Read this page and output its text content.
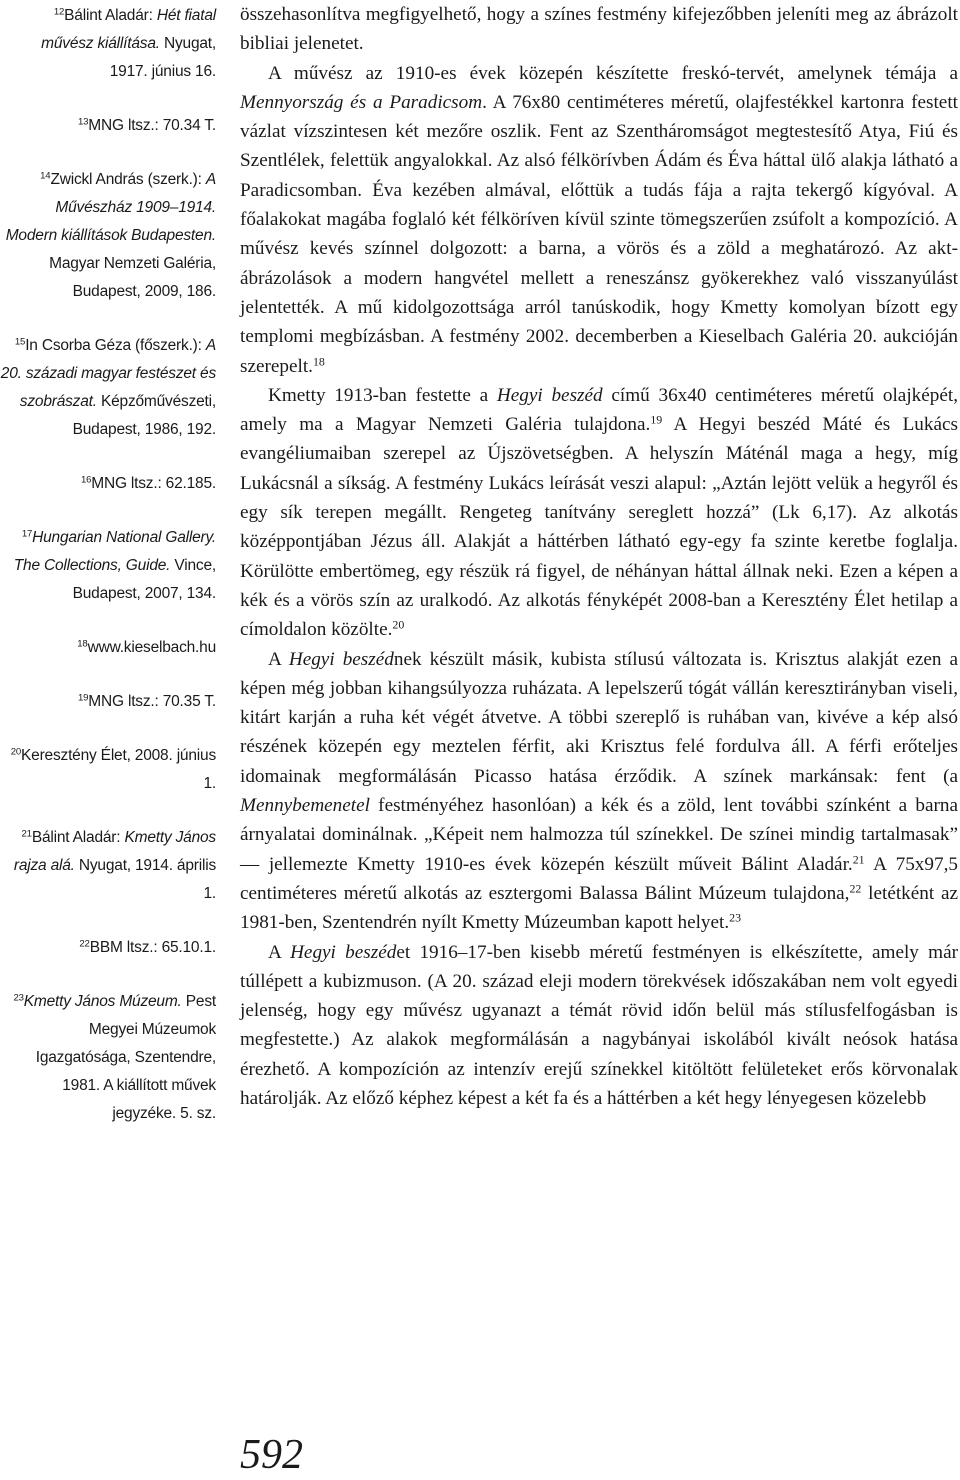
$^{12}$Bálint Aladár: Hét fiatal művész kiállítása. Nyugat, 1917. június 16.
$^{13}$MNG ltsz.: 70.34 T.
$^{14}$Zwickl András (szerk.): A Művészház 1909–1914. Modern kiállítások Budapesten. Magyar Nemzeti Galéria, Budapest, 2009, 186.
$^{15}$In Csorba Géza (főszerk.): A 20. századi magyar festészet és szobrászat. Képzőművészeti, Budapest, 1986, 192.
$^{16}$MNG ltsz.: 62.185.
$^{17}$Hungarian National Gallery. The Collections, Guide. Vince, Budapest, 2007, 134.
$^{18}$www.kieselbach.hu
$^{19}$MNG ltsz.: 70.35 T.
$^{20}$Keresztény Élet, 2008. június 1.
$^{21}$Bálint Aladár: Kmetty János rajza alá. Nyugat, 1914. április 1.
$^{22}$BBM ltsz.: 65.10.1.
$^{23}$Kmetty János Múzeum. Pest Megyei Múzeumok Igazgatósága, Szentendre, 1981. A kiállított művek jegyzéke. 5. sz.

összehasonlítva megfigyelhető, hogy a színes festmény kifejezőbben jeleníti meg az ábrázolt bibliai jelenetet.

A művész az 1910-es évek közepén készítette freskó-tervét, amelynek témája a Mennyország és a Paradicsom. A 76x80 centiméteres méretű, olajfestékkel kartonra festett vázlat vízszintesen két mezőre oszlik. Fent az Szentháromságot megtestesítő Atya, Fiú és Szentlélek, felettük angyalokkal. Az alsó félkörívben Ádám és Éva háttal ülő alakja látható a Paradicsomban. Éva kezében almával, előttük a tudás fája a rajta tekergő kígyóval. A főalakokat magába foglaló két félköríven kívül szinte tömegszerűen zsúfolt a kompozíció. A művész kevés színnel dolgozott: a barna, a vörös és a zöld a meghatározó. Az akt-ábrázolások a modern hangvétel mellett a reneszánsz gyökerekhez való visszanyúlást jelentették. A mű kidolgozottsága arról tanúskodik, hogy Kmetty komolyan bízott egy templomi megbízásban. A festmény 2002. decemberben a Kieselbach Galéria 20. aukcióján szerepelt.$^{18}$

Kmetty 1913-ban festette a Hegyi beszéd című 36x40 centiméteres méretű olajképét, amely ma a Magyar Nemzeti Galéria tulajdona.$^{19}$ A Hegyi beszéd Máté és Lukács evangéliumaiban szerepel az Újszövetségben. A helyszín Máténál maga a hegy, míg Lukácsnál a síkság. A festmény Lukács leírását veszi alapul: „Aztán lejött velük a hegyről és egy sík terepen megállt. Rengeteg tanítvány sereglett hozzá” (Lk 6,17). Az alkotás középpontjában Jézus áll. Alakját a háttérben látható egy-egy fa szinte keretbe foglalja. Körülötte embertömeg, egy részük rá figyel, de néhányan háttal állnak neki. Ezen a képen a kék és a vörös szín az uralkodó. Az alkotás fényképét 2008-ban a Keresztény Élet hetilap a címoldalon közölte.$^{20}$

A Hegyi beszédnek készült másik, kubista stílusú változata is. Krisztus alakját ezen a képen még jobban kihangsúlyozza ruházata. A lepelszerű tógát vállán keresztirányban viseli, kitárt karján a ruha két végét átvetve. A többi szereplő is ruhában van, kivéve a kép alsó részének közepén egy meztelen férfit, aki Krisztus felé fordulva áll. A férfi erőteljes idomainak megformálásán Picasso hatása érződik. A színek markánsak: fent (a Mennybemenetel festményéhez hasonlóan) a kék és a zöld, lent további színként a barna árnyalatai dominálnak. „Képeit nem halmozza túl színekkel. De színei mindig tartalmasak” — jellemezte Kmetty 1910-es évek közepén készült műveit Bálint Aladár.$^{21}$ A 75x97,5 centiméteres méretű alkotás az esztergomi Balassa Bálint Múzeum tulajdona,$^{22}$ letétként az 1981-ben, Szentendrén nyílt Kmetty Múzeumban kapott helyet.$^{23}$

A Hegyi beszédet 1916–17-ben kisebb méretű festményen is elkészítette, amely már túllépett a kubizmuson. (A 20. század eleji modern törekvések időszakában nem volt egyedi jelenség, hogy egy művész ugyanazt a témát rövid időn belül más stílusfelfogásban is megfestette.) Az alakok megformálásán a nagybányai iskolából kivált neósok hatása érezhető. A kompozíción az intenzív erejű színekkel kitöltött felületeket erős körvonalak határolják. Az előző képhez képest a két fa és a háttérben a két hegy lényegesen közelebb

592
